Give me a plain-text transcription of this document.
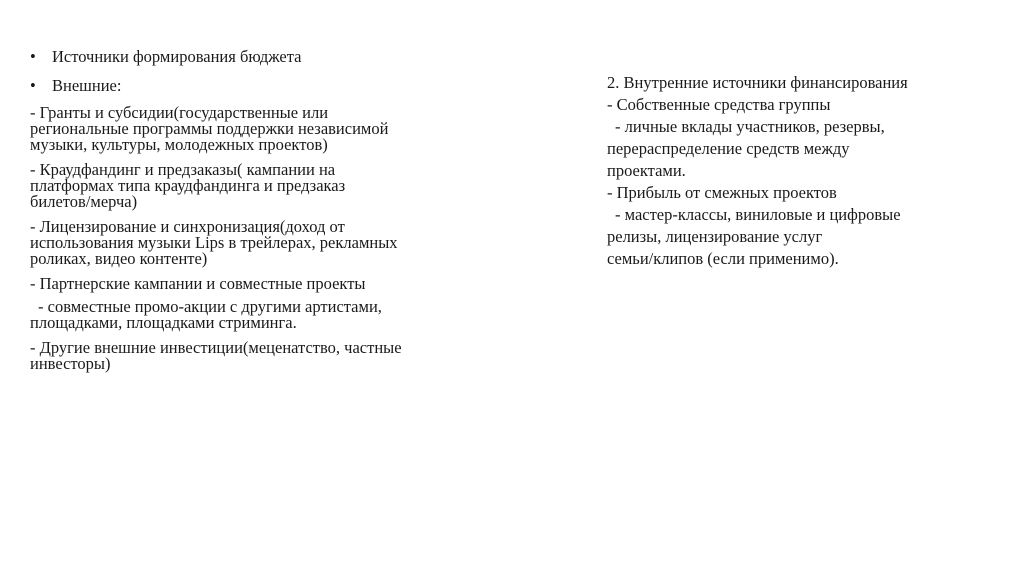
• Источники формирования бюджета
• Внешние:

- Гранты и субсидии(государственные или
региональные программы поддержки независимой
музыки, культуры, молодежных проектов)

- Краудфандинг и предзаказы( кампании на
платформах типа краудфандинга и предзаказ
билетов/мерча)

- Лицензирование и синхронизация(доход от
использования музыки Lips в трейлерах, рекламных
роликах, видео контенте)

- Партнерские кампании и совместные проекты

- совместные промо-акции с другими артистами,
площадками, площадками стриминга.

- Другие внешние инвестиции(меценатство, частные
инвесторы)

2. Внутренние источники финансирования
- Собственные средства группы
- личные вклады участников, резервы,
перераспределение средств между
проектами.
- Прибыль от смежных проектов
- мастер-классы, виниловые и цифровые
релизы, лицензирование услуг
семьи/клипов (если применимо).
